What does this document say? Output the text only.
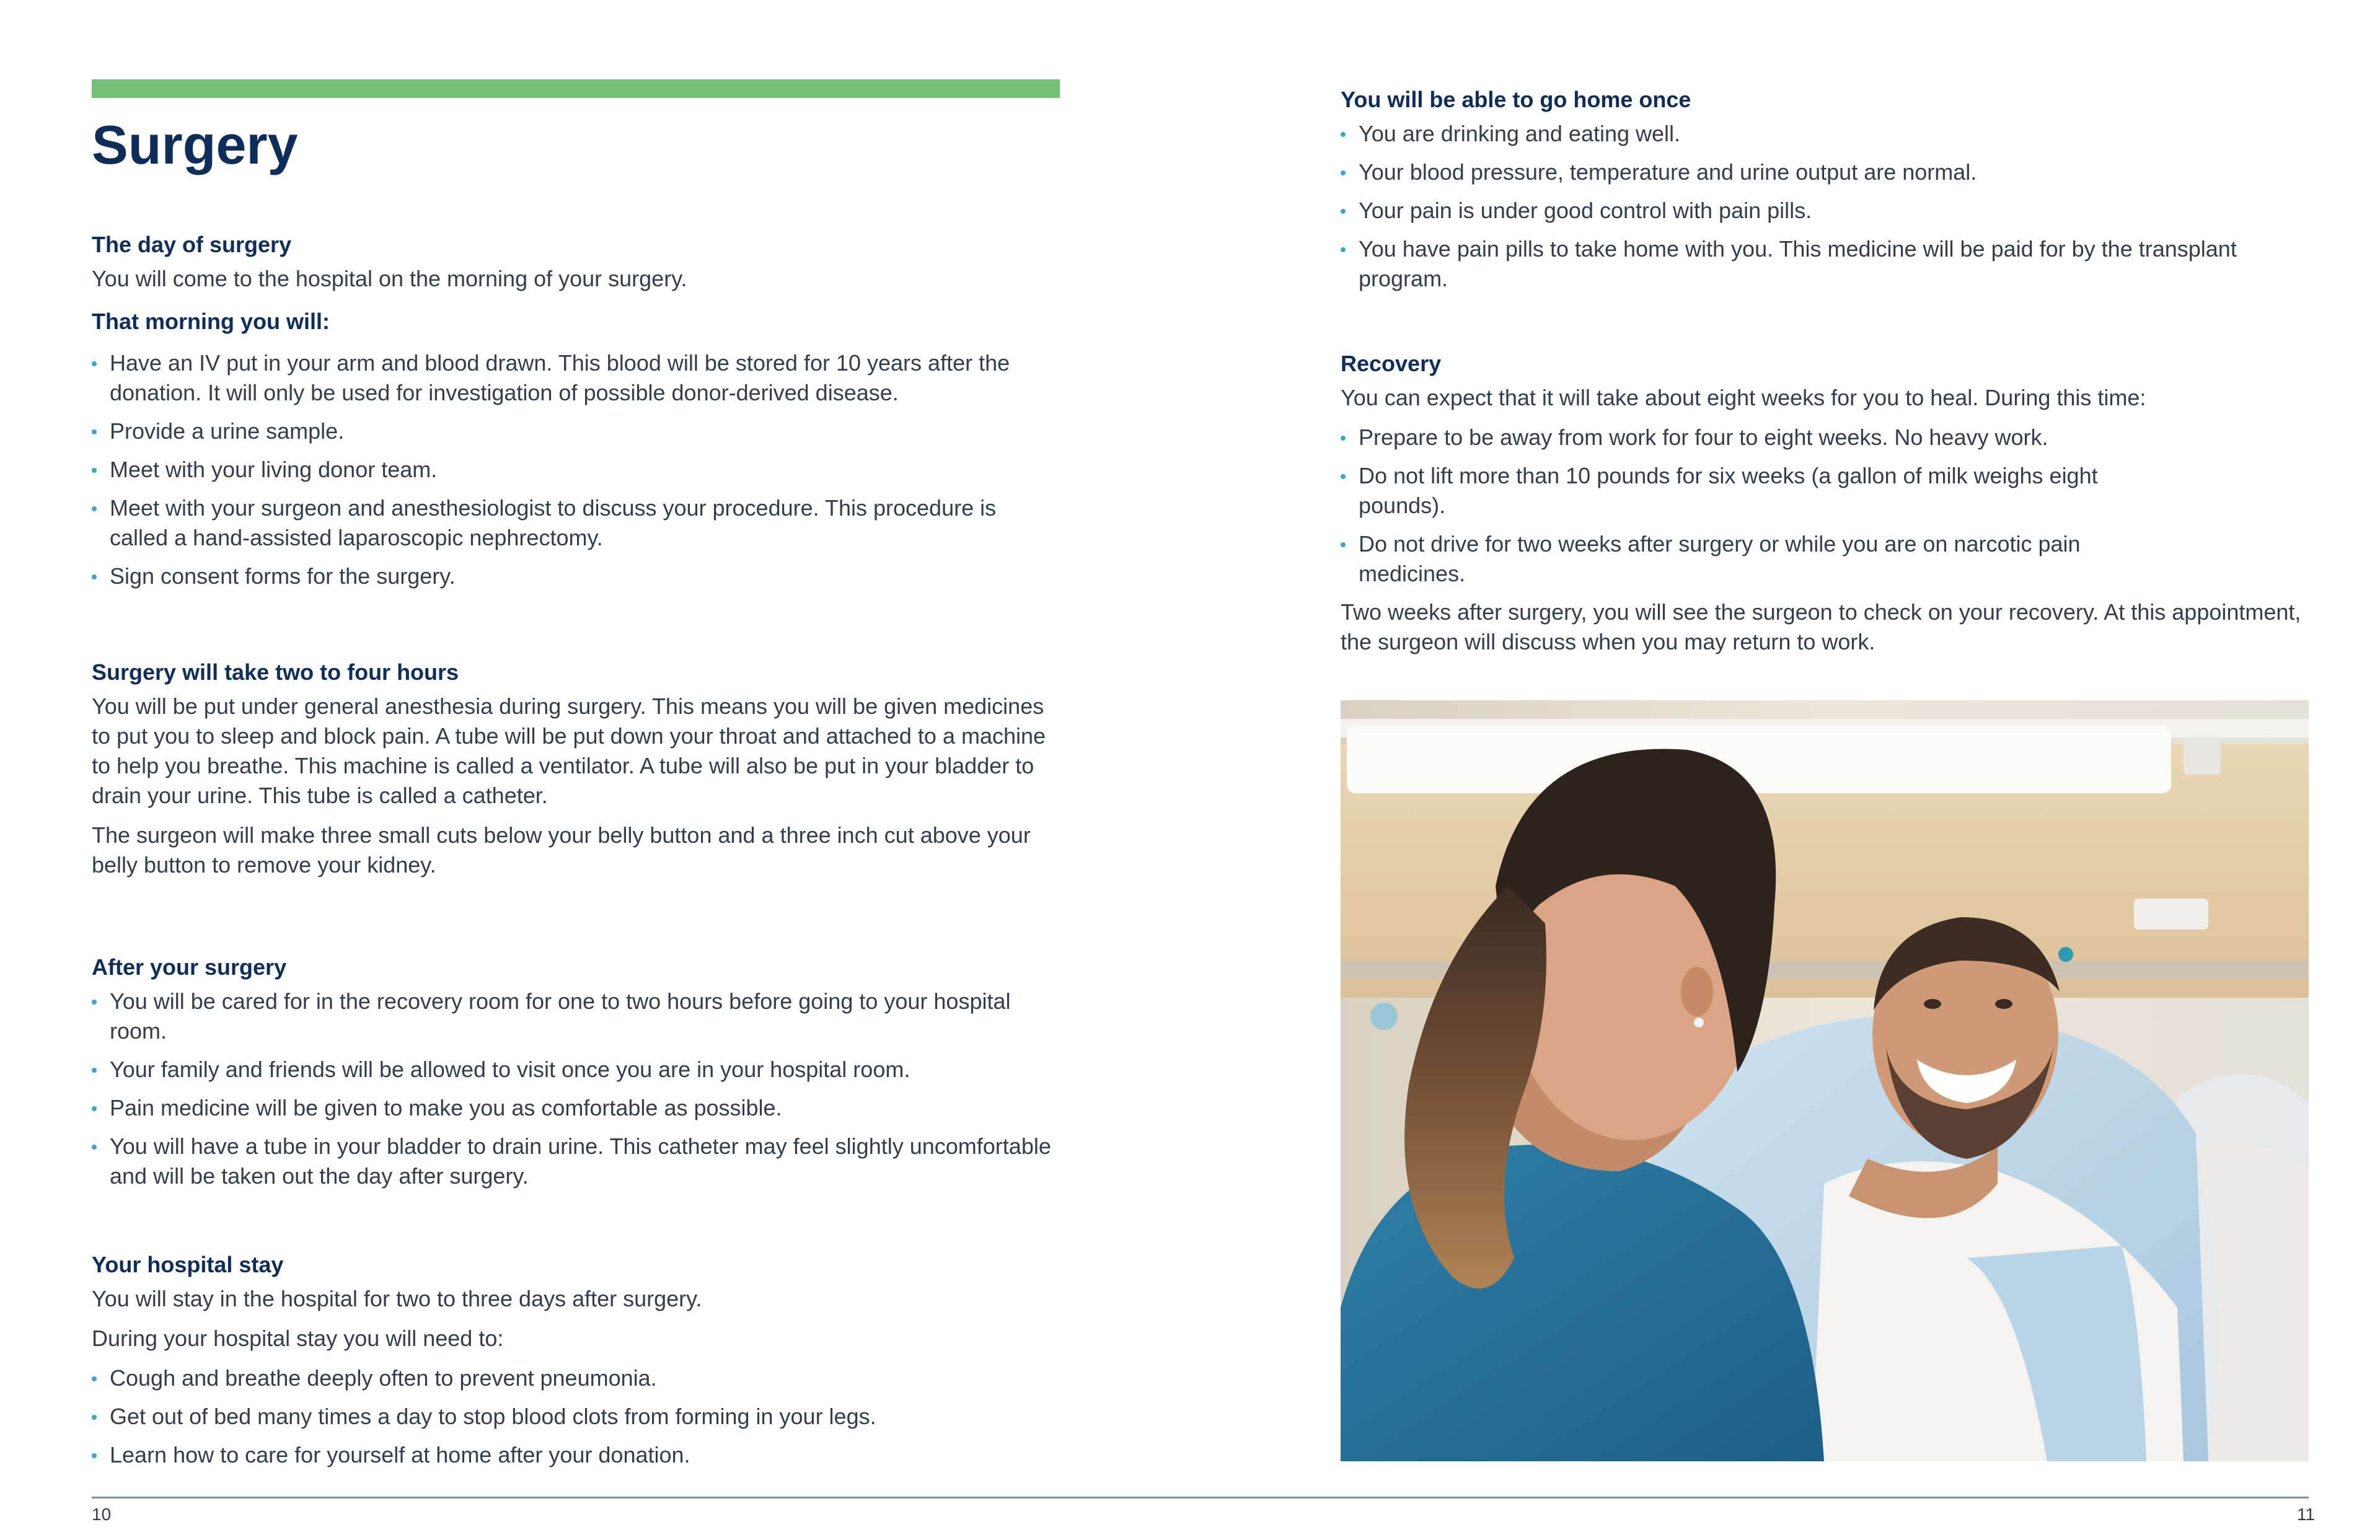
Surgery
The day of surgery

You will come to the hospital on the morning of your surgery.

That morning you will:
Have an IV put in your arm and blood drawn. This blood will be stored for 10 years after the donation. It will only be used for investigation of possible donor-derived disease.
Provide a urine sample.
Meet with your living donor team.
Meet with your surgeon and anesthesiologist to discuss your procedure. This procedure is called a hand-assisted laparoscopic nephrectomy.
Sign consent forms for the surgery.
Surgery will take two to four hours

You will be put under general anesthesia during surgery. This means you will be given medicines to put you to sleep and block pain. A tube will be put down your throat and attached to a machine to help you breathe. This machine is called a ventilator. A tube will also be put in your bladder to drain your urine. This tube is called a catheter.

The surgeon will make three small cuts below your belly button and a three inch cut above your belly button to remove your kidney.

After your surgery
You will be cared for in the recovery room for one to two hours before going to your hospital room.
Your family and friends will be allowed to visit once you are in your hospital room.
Pain medicine will be given to make you as comfortable as possible.
You will have a tube in your bladder to drain urine. This catheter may feel slightly uncomfortable and will be taken out the day after surgery.
Your hospital stay

You will stay in the hospital for two to three days after surgery.

During your hospital stay you will need to:

Cough and breathe deeply often to prevent pneumonia.
Get out of bed many times a day to stop blood clots from forming in your legs.
Learn how to care for yourself at home after your donation.
You will be able to go home once
You are drinking and eating well.
Your blood pressure, temperature and urine output are normal.
Your pain is under good control with pain pills.
You have pain pills to take home with you. This medicine will be paid for by the transplant program.
Recovery

You can expect that it will take about eight weeks for you to heal. During this time:

Prepare to be away from work for four to eight weeks. No heavy work.
Do not lift more than 10 pounds for six weeks (a gallon of milk weighs eight pounds).
Do not drive for two weeks after surgery or while you are on narcotic pain medicines.

Two weeks after surgery, you will see the surgeon to check on your recovery. At this appointment, the surgeon will discuss when you may return to work.

10	11
